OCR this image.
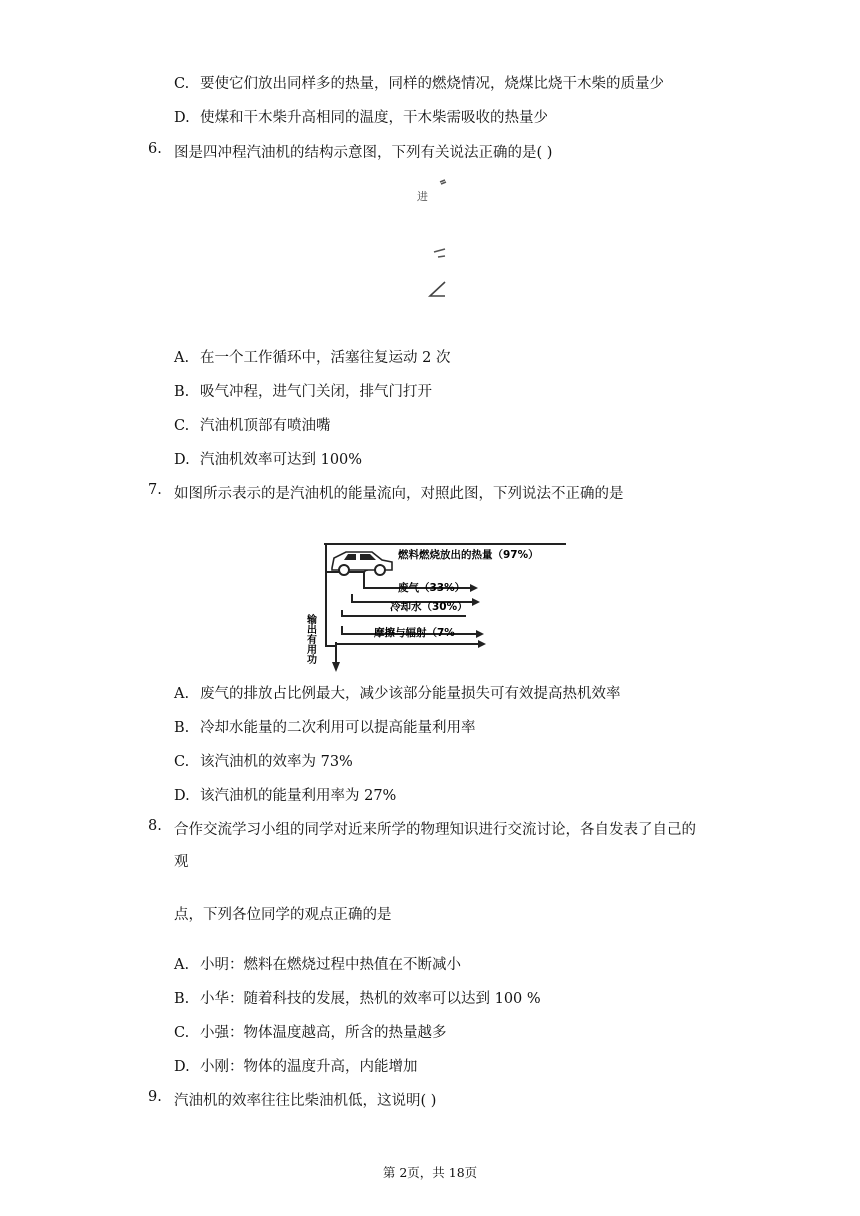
C. 要使它们放出同样多的热量，同样的燃烧情况，烧煤比烧干木柴的质量少
D. 使煤和干木柴升高相同的温度，干木柴需吸收的热量少
6. 图是四冲程汽油机的结构示意图，下列有关说法正确的是( )
进
A. 在一个工作循环中，活塞往复运动 2 次
B. 吸气冲程，进气门关闭，排气门打开
C. 汽油机顶部有喷油嘴
D. 汽油机效率可达到 100%
7. 如图所示表示的是汽油机的能量流向，对照此图，下列说法不正确的是
燃料燃烧放出的热量（97%）
废气（33%）
冷却水（30%）
摩擦与辐射（7%
输出有用功
A. 废气的排放占比例最大，减少该部分能量损失可有效提高热机效率
B. 冷却水能量的二次利用可以提高能量利用率
C. 该汽油机的效率为 73%
D. 该汽油机的能量利用率为 27%
8. 合作交流学习小组的同学对近来所学的物理知识进行交流讨论，各自发表了自己的
观
点，下列各位同学的观点正确的是
A. 小明：燃料在燃烧过程中热值在不断减小
B. 小华：随着科技的发展，热机的效率可以达到 100 %
C. 小强：物体温度越高，所含的热量越多
D. 小刚：物体的温度升高，内能增加
9. 汽油机的效率往往比柴油机低，这说明( )
第 2页，共 18页
